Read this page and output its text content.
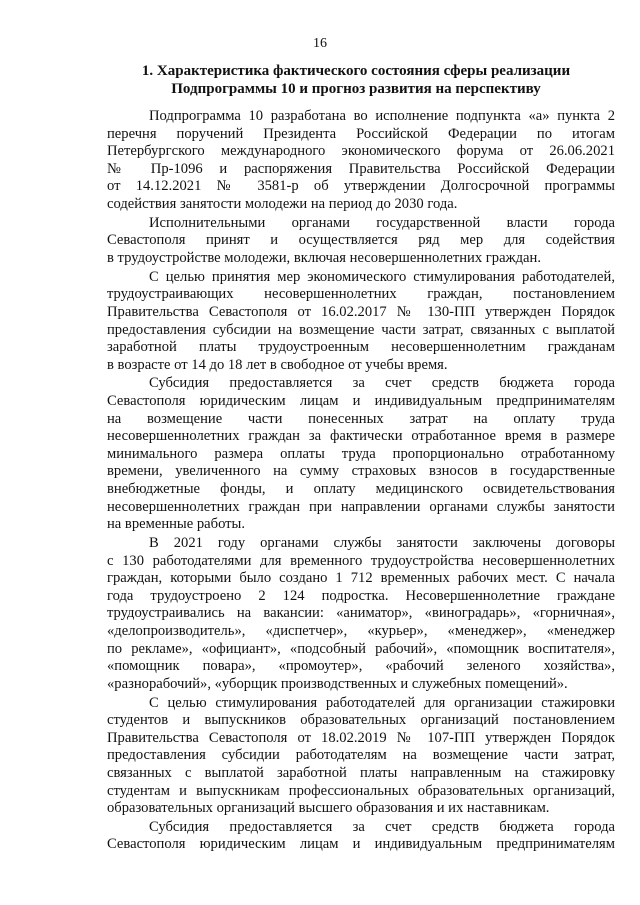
16
1. Характеристика фактического состояния сферы реализации
Подпрограммы 10 и прогноз развития на перспективу
Подпрограмма 10 разработана во исполнение подпункта «а» пункта 2
перечня поручений Президента Российской Федерации по итогам
Петербургского международного экономического форума от 26.06.2021
№ Пр-1096 и распоряжения Правительства Российской Федерации
от 14.12.2021 № 3581-р об утверждении Долгосрочной программы
содействия занятости молодежи на период до 2030 года.
Исполнительными органами государственной власти города
Севастополя принят и осуществляется ряд мер для содействия
в трудоустройстве молодежи, включая несовершеннолетних граждан.
С целью принятия мер экономического стимулирования работодателей,
трудоустраивающих несовершеннолетних граждан, постановлением
Правительства Севастополя от 16.02.2017 № 130-ПП утвержден Порядок
предоставления субсидии на возмещение части затрат, связанных с выплатой
заработной платы трудоустроенным несовершеннолетним гражданам
в возрасте от 14 до 18 лет в свободное от учебы время.
Субсидия предоставляется за счет средств бюджета города
Севастополя юридическим лицам и индивидуальным предпринимателям
на возмещение части понесенных затрат на оплату труда
несовершеннолетних граждан за фактически отработанное время в размере
минимального размера оплаты труда пропорционально отработанному
времени, увеличенного на сумму страховых взносов в государственные
внебюджетные фонды, и оплату медицинского освидетельствования
несовершеннолетних граждан при направлении органами службы занятости
на временные работы.
В 2021 году органами службы занятости заключены договоры
с 130 работодателями для временного трудоустройства несовершеннолетних
граждан, которыми было создано 1 712 временных рабочих мест. С начала
года трудоустроено 2 124 подростка. Несовершеннолетние граждане
трудоустраивались на вакансии: «аниматор», «виноградарь», «горничная»,
«делопроизводитель», «диспетчер», «курьер», «менеджер», «менеджер
по рекламе», «официант», «подсобный рабочий», «помощник воспитателя»,
«помощник повара», «промоутер», «рабочий зеленого хозяйства»,
«разнорабочий», «уборщик производственных и служебных помещений».
С целью стимулирования работодателей для организации стажировки
студентов и выпускников образовательных организаций постановлением
Правительства Севастополя от 18.02.2019 № 107-ПП утвержден Порядок
предоставления субсидии работодателям на возмещение части затрат,
связанных с выплатой заработной платы направленным на стажировку
студентам и выпускникам профессиональных образовательных организаций,
образовательных организаций высшего образования и их наставникам.
Субсидия предоставляется за счет средств бюджета города
Севастополя юридическим лицам и индивидуальным предпринимателям
